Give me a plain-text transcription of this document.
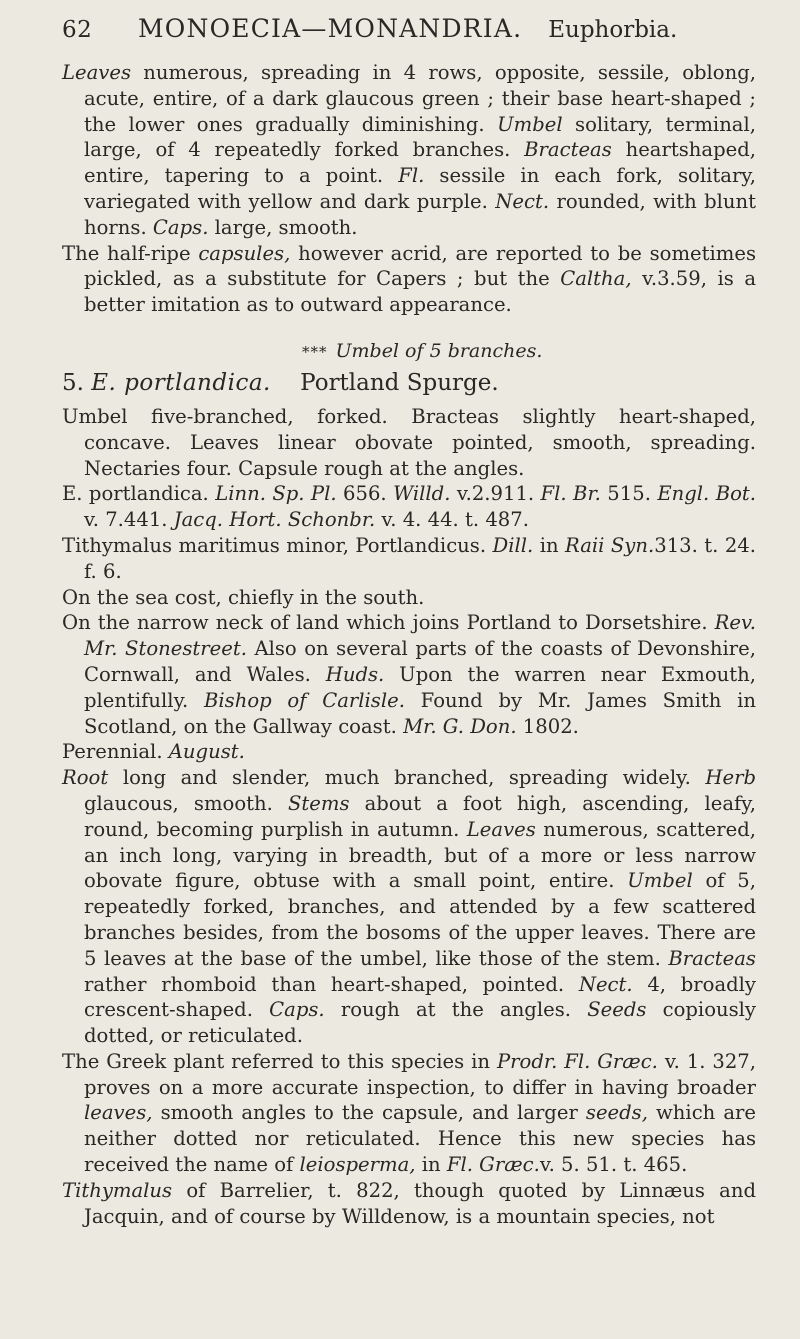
62	MONOECIA—MONANDRIA. Euphorbia.

Leaves numerous, spreading in 4 rows, opposite, sessile, oblong, acute, entire, of a dark glaucous green ; their base heart-shaped ; the lower ones gradually diminishing. Umbel solitary, terminal, large, of 4 repeatedly forked branches. Bracteas heartshaped, entire, tapering to a point. Fl. sessile in each fork, solitary, variegated with yellow and dark purple. Nect. rounded, with blunt horns. Caps. large, smooth.

The half-ripe capsules, however acrid, are reported to be sometimes pickled, as a substitute for Capers ; but the Caltha, v.3.59, is a better imitation as to outward appearance.

*** Umbel of 5 branches.
5. E. portlandica. Portland Spurge.

Umbel five-branched, forked. Bracteas slightly heart-shaped, concave. Leaves linear obovate pointed, smooth, spreading. Nectaries four. Capsule rough at the angles.

E. portlandica. Linn. Sp. Pl. 656. Willd. v.2.911. Fl. Br. 515. Engl. Bot. v. 7.441. Jacq. Hort. Schonbr. v. 4. 44. t. 487.

Tithymalus maritimus minor, Portlandicus. Dill. in Raii Syn.313. t. 24. f. 6.

On the sea cost, chiefly in the south.

On the narrow neck of land which joins Portland to Dorsetshire. Rev. Mr. Stonestreet. Also on several parts of the coasts of Devonshire, Cornwall, and Wales. Huds. Upon the warren near Exmouth, plentifully. Bishop of Carlisle. Found by Mr. James Smith in Scotland, on the Gallway coast. Mr. G. Don. 1802.

Perennial. August.

Root long and slender, much branched, spreading widely. Herb glaucous, smooth. Stems about a foot high, ascending, leafy, round, becoming purplish in autumn. Leaves numerous, scattered, an inch long, varying in breadth, but of a more or less narrow obovate figure, obtuse with a small point, entire. Umbel of 5, repeatedly forked, branches, and attended by a few scattered branches besides, from the bosoms of the upper leaves. There are 5 leaves at the base of the umbel, like those of the stem. Bracteas rather rhomboid than heart-shaped, pointed. Nect. 4, broadly crescent-shaped. Caps. rough at the angles. Seeds copiously dotted, or reticulated.

The Greek plant referred to this species in Prodr. Fl. Græc. v. 1. 327, proves on a more accurate inspection, to differ in having broader leaves, smooth angles to the capsule, and larger seeds, which are neither dotted nor reticulated. Hence this new species has received the name of leiosperma, in Fl. Græc.v. 5. 51. t. 465.

Tithymalus of Barrelier, t. 822, though quoted by Linnæus and Jacquin, and of course by Willdenow, is a mountain species, not
